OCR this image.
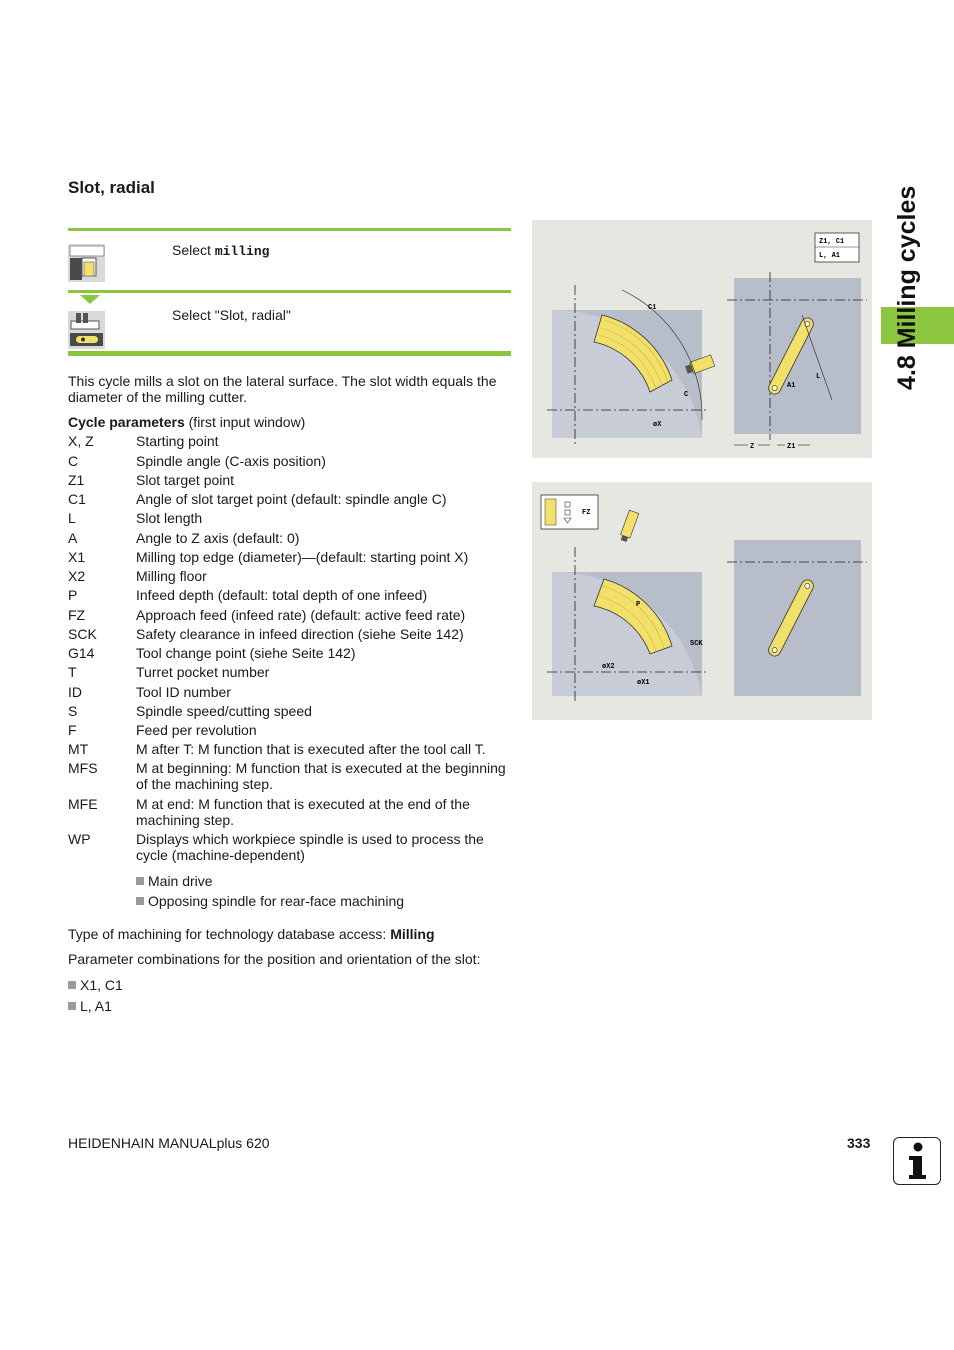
Slot, radial
Select milling
Select "Slot, radial"
This cycle mills a slot on the lateral surface. The slot width equals the diameter of the milling cutter.
Cycle parameters (first input window)
X, Z	Starting point
C	Spindle angle (C-axis position)
Z1	Slot target point
C1	Angle of slot target point (default: spindle angle C)
L	Slot length
A	Angle to Z axis (default: 0)
X1	Milling top edge (diameter)—(default: starting point X)
X2	Milling floor
P	Infeed depth (default: total depth of one infeed)
FZ	Approach feed (infeed rate) (default: active feed rate)
SCK	Safety clearance in infeed direction (siehe Seite 142)
G14	Tool change point (siehe Seite 142)
T	Turret pocket number
ID	Tool ID number
S	Spindle speed/cutting speed
F	Feed per revolution
MT	M after T: M function that is executed after the tool call T.
MFS	M at beginning: M function that is executed at the beginning of the machining step.
MFE	M at end: M function that is executed at the end of the machining step.
WP	Displays which workpiece spindle is used to process the cycle (machine-dependent)
Main drive
Opposing spindle for rear-face machining
Type of machining for technology database access: Milling
Parameter combinations for the position and orientation of the slot:
X1, C1
L, A1
4.8 Milling cycles
Z1, C1
L, A1
C1
C
øX
L
A1
Z	Z1
FZ
P
SCK
øX2
øX1
HEIDENHAIN MANUALplus 620	333
